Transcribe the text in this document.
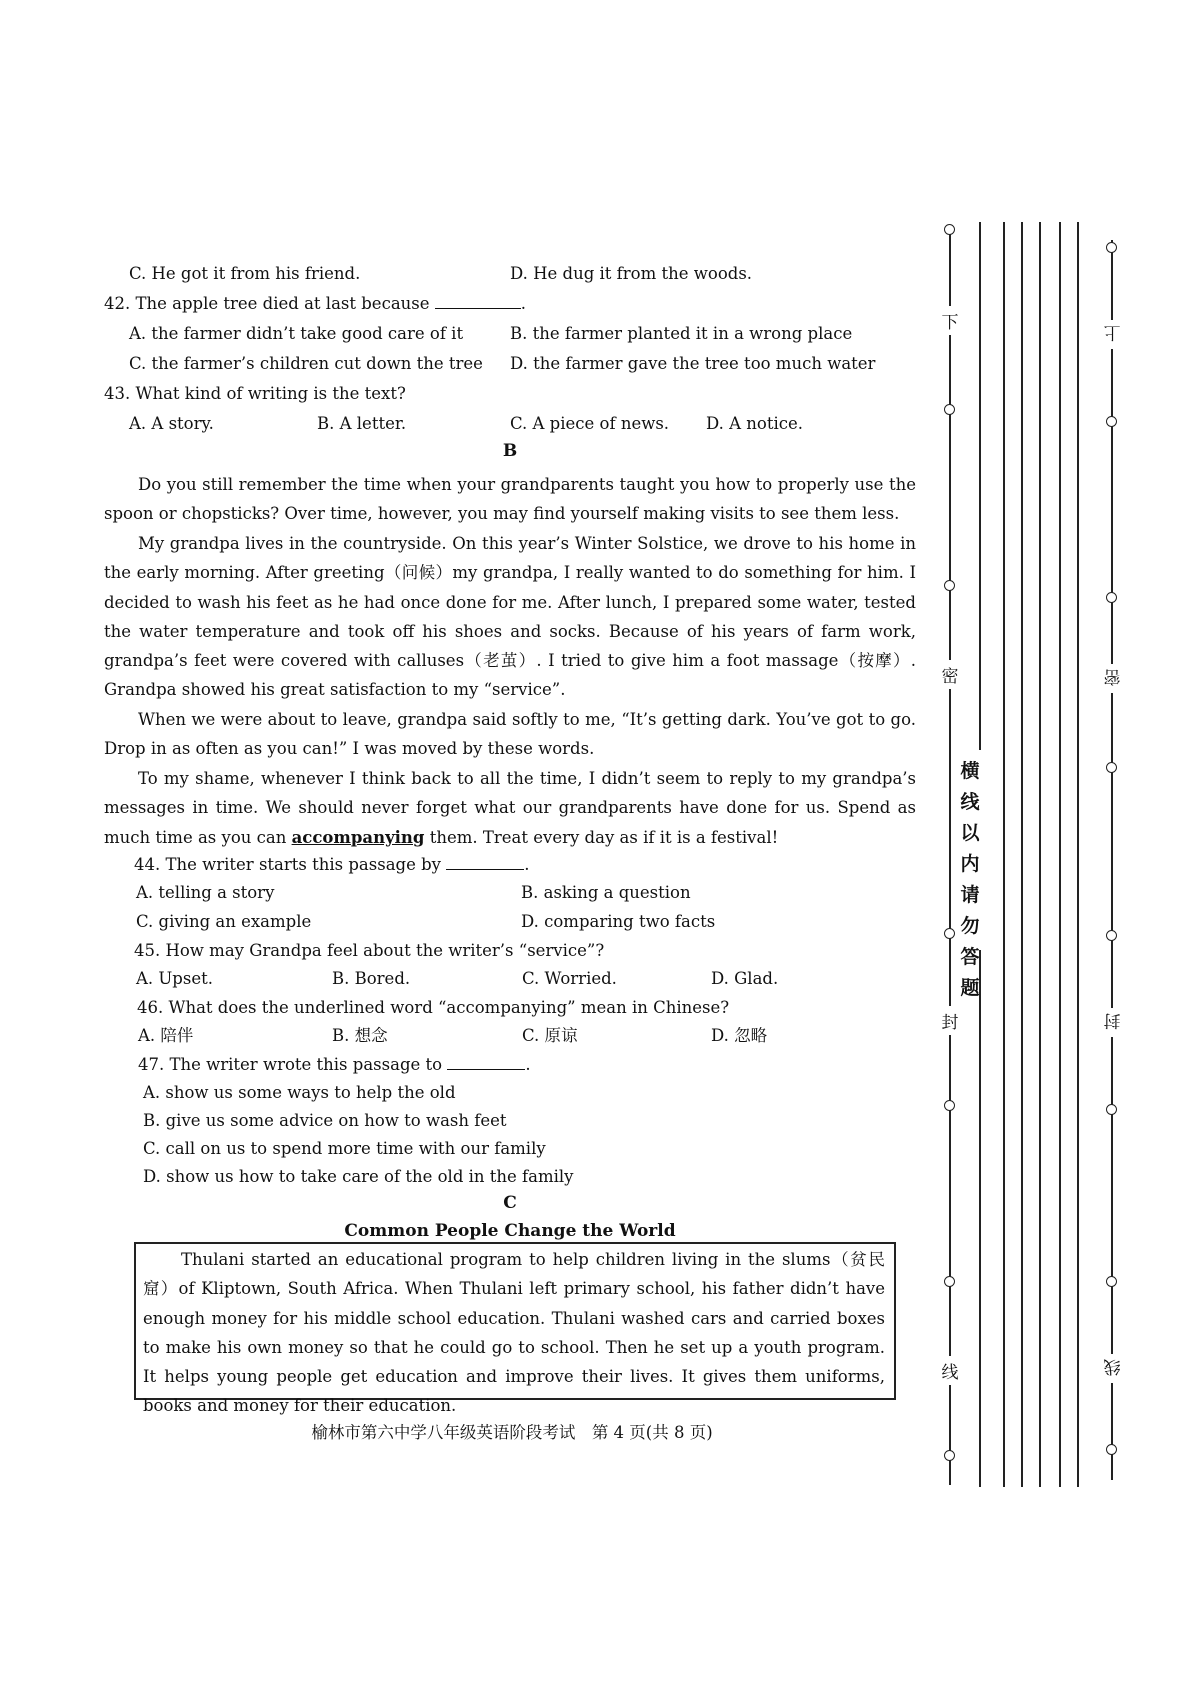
C. He got it from his friend.	D. He dug it from the woods.
42. The apple tree died at last because	.
A. the farmer didn’t take good care of it	B. the farmer planted it in a wrong place
C. the farmer’s children cut down the tree D. the farmer gave the tree too much water
43. What kind of writing is the text?
A. A story.	B. A letter.	C. A piece of news. D. A notice.
B
Do you still remember the time when your grandparents taught you how to properly use the spoon or chopsticks? Over time, however, you may find yourself making visits to see them less.
My grandpa lives in the countryside. On this year’s Winter Solstice, we drove to his home in the early morning. After greeting（问候）my grandpa, I really wanted to do something for him. I decided to wash his feet as he had once done for me. After lunch, I prepared some water, tested the water temperature and took off his shoes and socks. Because of his years of farm work, grandpa’s feet were covered with calluses（老茧）. I tried to give him a foot massage（按摩）. Grandpa showed his great satisfaction to my “service”.
When we were about to leave, grandpa said softly to me, “It’s getting dark. You’ve got to go. Drop in as often as you can!” I was moved by these words.
To my shame, whenever I think back to all the time, I didn’t seem to reply to my grandpa’s messages in time. We should never forget what our grandparents have done for us. Spend as much time as you can accompanying them. Treat every day as if it is a festival!
44. The writer starts this passage by	.
A. telling a story	B. asking a question
C. giving an example	D. comparing two facts
45. How may Grandpa feel about the writer’s “service”?
A. Upset.	B. Bored.	C. Worried.	D. Glad.
46. What does the underlined word “accompanying” mean in Chinese?
A. 陪伴	B. 想念	C. 原谅	D. 忽略
47. The writer wrote this passage to	.
A. show us some ways to help the old
B. give us some advice on how to wash feet
C. call on us to spend more time with our family
D. show us how to take care of the old in the family
C
Common People Change the World
Thulani started an educational program to help children living in the slums（贫民窟）of Kliptown, South Africa. When Thulani left primary school, his father didn’t have enough money for his middle school education. Thulani washed cars and carried boxes to make his own money so that he could go to school. Then he set up a youth program. It helps young people get education and improve their lives. It gives them uniforms, books and money for their education.
榆林市第六中学八年级英语阶段考试　第 4 页(共 8 页)
下
密
封
线
上
密
封
线
横线以内请勿答题
